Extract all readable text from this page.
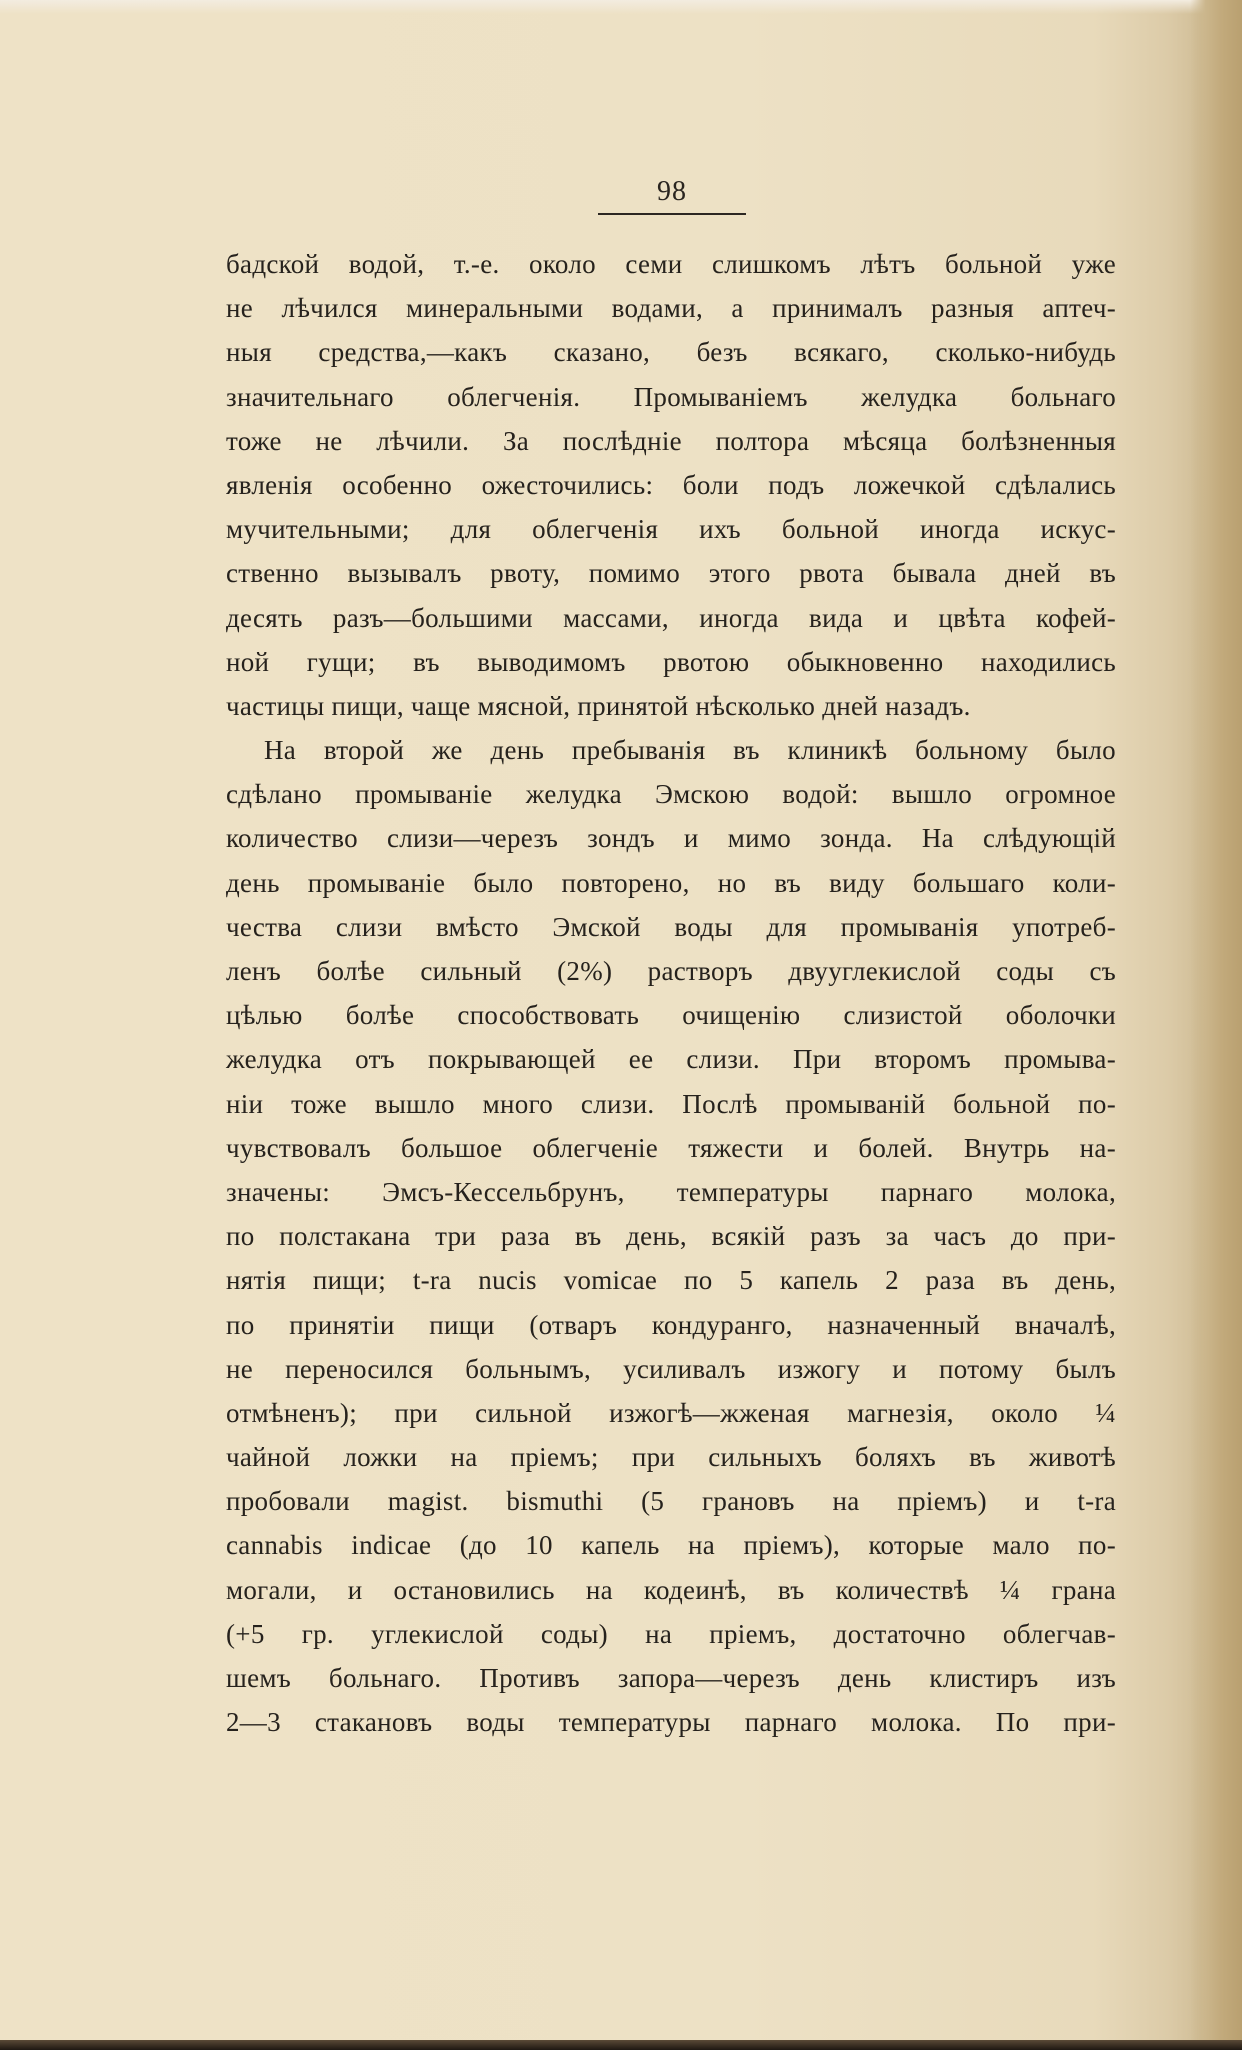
98
бадской водой, т.-е. около семи слишкомъ лѣтъ больной уже
не лѣчился минеральными водами, а принималъ разныя аптеч-
ныя средства,—какъ сказано, безъ всякаго, сколько-нибудь
значительнаго облегченія. Промываніемъ желудка больнаго
тоже не лѣчили. За послѣдніе полтора мѣсяца болѣзненныя
явленія особенно ожесточились: боли подъ ложечкой сдѣлались
мучительными; для облегченія ихъ больной иногда искус-
ственно вызывалъ рвоту, помимо этого рвота бывала дней въ
десять разъ—большими массами, иногда вида и цвѣта кофей-
ной гущи; въ выводимомъ рвотою обыкновенно находились
частицы пищи, чаще мясной, принятой нѣсколько дней назадъ.
На второй же день пребыванія въ клиникѣ больному было
сдѣлано промываніе желудка Эмскою водой: вышло огромное
количество слизи—черезъ зондъ и мимо зонда. На слѣдующій
день промываніе было повторено, но въ виду большаго коли-
чества слизи вмѣсто Эмской воды для промыванія употреб-
ленъ болѣе сильный (2%) растворъ двууглекислой соды съ
цѣлью болѣе способствовать очищенію слизистой оболочки
желудка отъ покрывающей ее слизи. При второмъ промыва-
ніи тоже вышло много слизи. Послѣ промываній больной по-
чувствовалъ большое облегченіе тяжести и болей. Внутрь на-
значены: Эмсъ-Кессельбрунъ, температуры парнаго молока,
по полстакана три раза въ день, всякій разъ за часъ до при-
нятія пищи; t-ra nucis vomicae по 5 капель 2 раза въ день,
по принятіи пищи (отваръ кондуранго, назначенный вначалѣ,
не переносился больнымъ, усиливалъ изжогу и потому былъ
отмѣненъ); при сильной изжогѣ—жженая магнезія, около ¼
чайной ложки на пріемъ; при сильныхъ боляхъ въ животѣ
пробовали magist. bismuthi (5 грановъ на пріемъ) и t-ra
cannabis indicae (до 10 капель на пріемъ), которые мало по-
могали, и остановились на кодеинѣ, въ количествѣ ¼ грана
(+5 гр. углекислой соды) на пріемъ, достаточно облегчав-
шемъ больнаго. Противъ запора—черезъ день клистиръ изъ
2—3 стакановъ воды температуры парнаго молока. По при-
